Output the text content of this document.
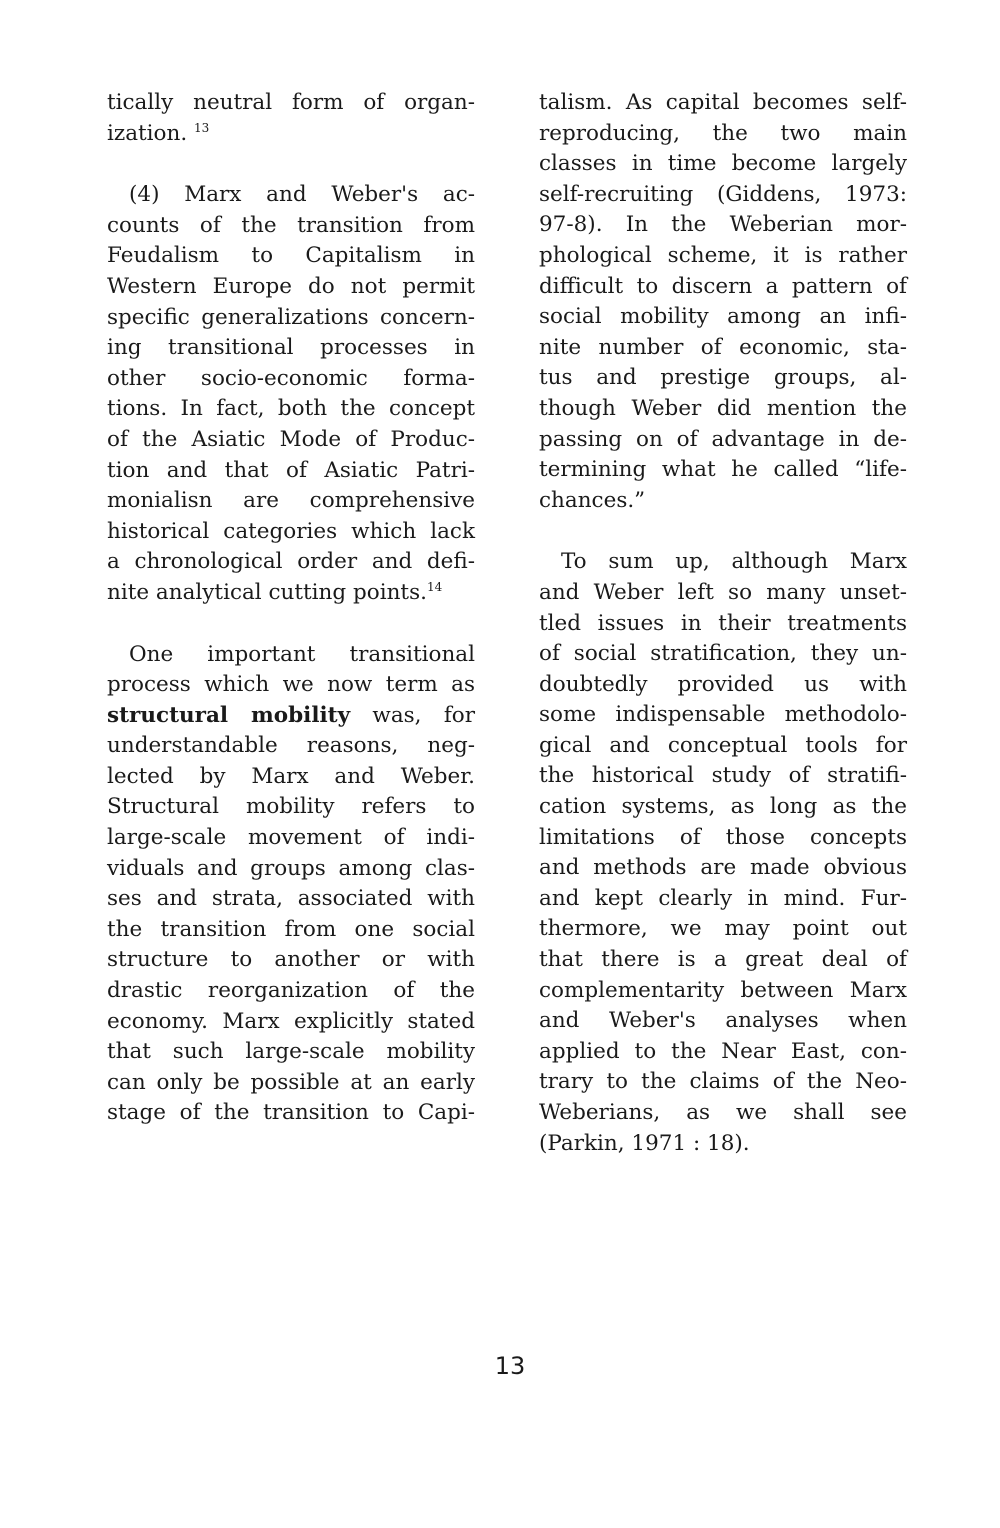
tically neutral form of organ-
ization. $^{13}$
(4) Marx and Weber's ac-
counts of the transition from
Feudalism to Capitalism in
Western Europe do not permit
specific generalizations concern-
ing transitional processes in
other socio-economic forma-
tions. In fact, both the concept
of the Asiatic Mode of Produc-
tion and that of Asiatic Patri-
monialisn are comprehensive
historical categories which lack
a chronological order and defi-
nite analytical cutting points.$^{14}$
One important transitional
process which we now term as
structural mobility was, for
understandable reasons, neg-
lected by Marx and Weber.
Structural mobility refers to
large-scale movement of indi-
viduals and groups among clas-
ses and strata, associated with
the transition from one social
structure to another or with
drastic reorganization of the
economy. Marx explicitly stated
that such large-scale mobility
can only be possible at an early
stage of the transition to Capi-
talism. As capital becomes self-
reproducing, the two main
classes in time become largely
self-recruiting (Giddens, 1973:
97-8). In the Weberian mor-
phological scheme, it is rather
difficult to discern a pattern of
social mobility among an infi-
nite number of economic, sta-
tus and prestige groups, al-
though Weber did mention the
passing on of advantage in de-
termining what he called “life-
chances.”
To sum up, although Marx
and Weber left so many unset-
tled issues in their treatments
of social stratification, they un-
doubtedly provided us with
some indispensable methodolo-
gical and conceptual tools for
the historical study of stratifi-
cation systems, as long as the
limitations of those concepts
and methods are made obvious
and kept clearly in mind. Fur-
thermore, we may point out
that there is a great deal of
complementarity between Marx
and Weber's analyses when
applied to the Near East, con-
trary to the claims of the Neo-
Weberians, as we shall see
(Parkin, 1971 : 18).
13
